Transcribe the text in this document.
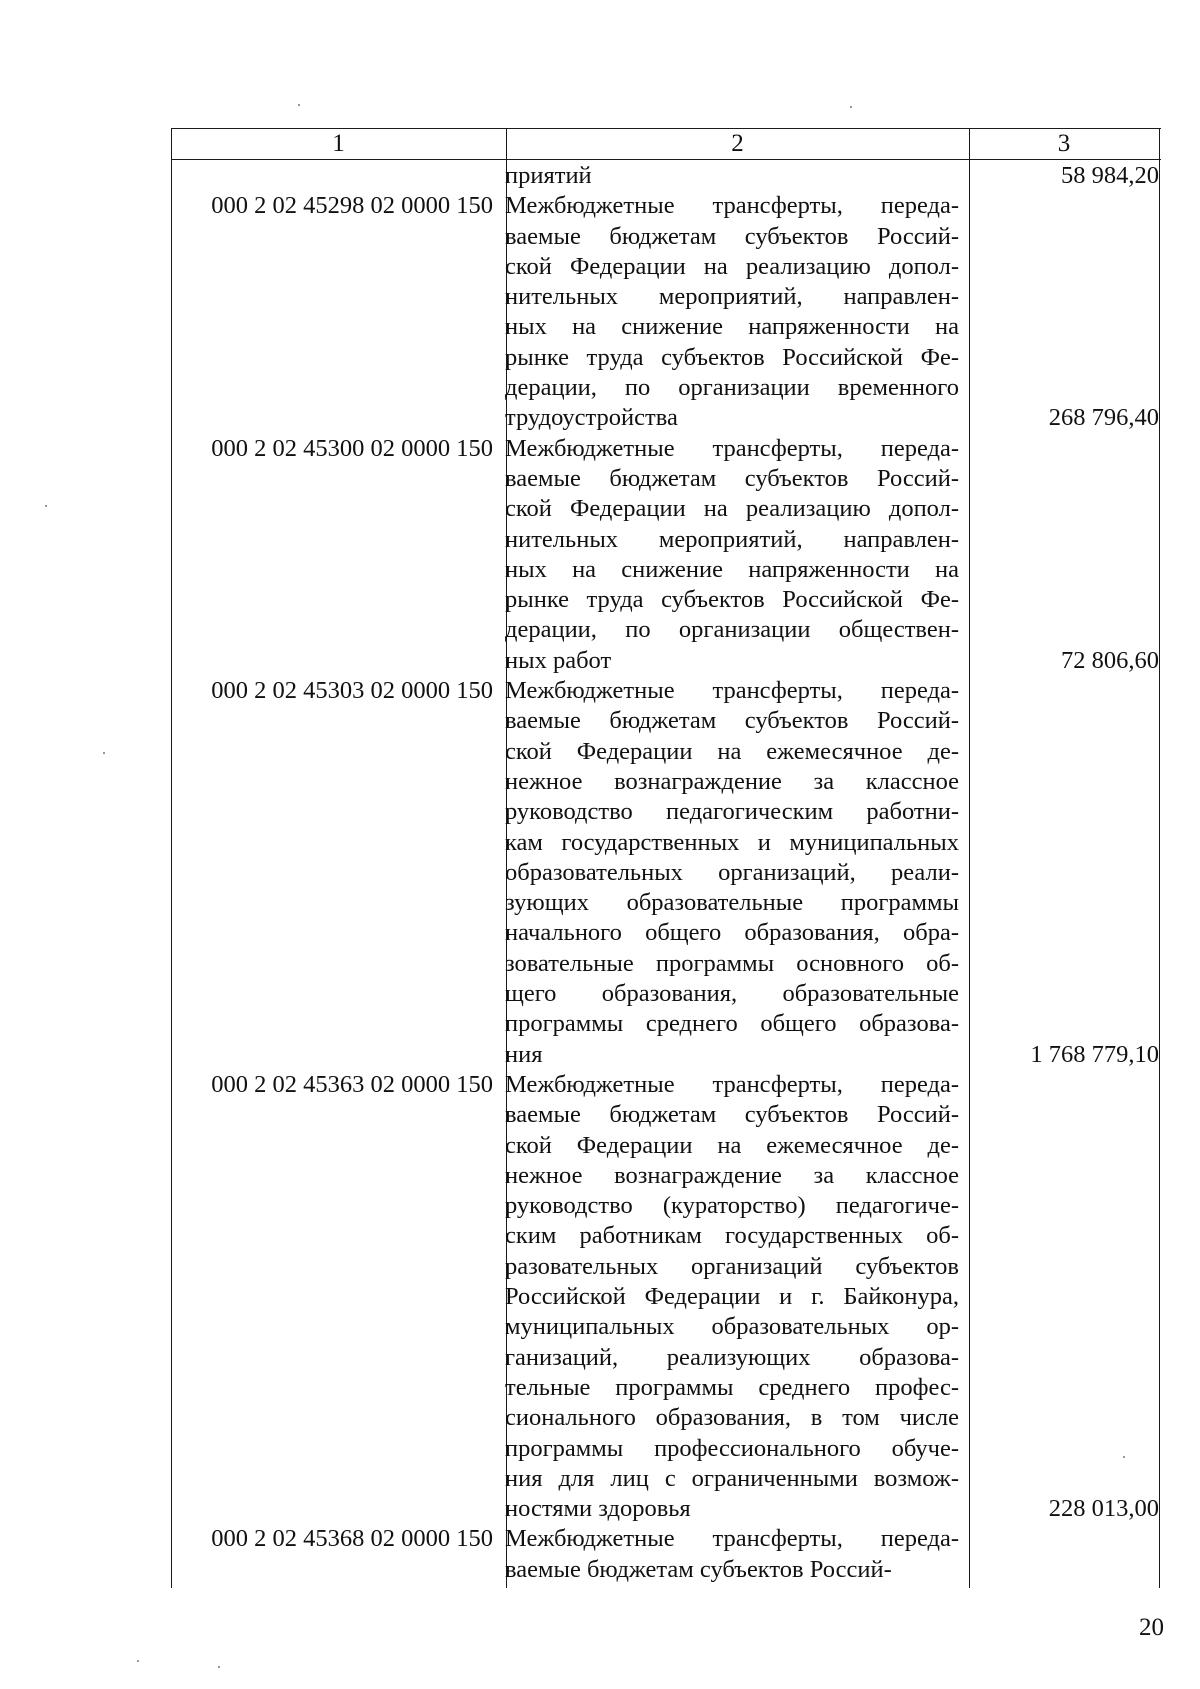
1	2	3
приятий	58 984,20
000 2 02 45298 02 0000 150 Межбюджетные трансферты, переда-
ваемые бюджетам субъектов Россий-
ской Федерации на реализацию допол-
нительных мероприятий, направлен-
ных на снижение напряженности на
рынке труда субъектов Российской Фе-
дерации, по организации временного
трудоустройства	268 796,40
000 2 02 45300 02 0000 150 Межбюджетные трансферты, переда-
ваемые бюджетам субъектов Россий-
ской Федерации на реализацию допол-
нительных мероприятий, направлен-
ных на снижение напряженности на
рынке труда субъектов Российской Фе-
дерации, по организации обществен-
ных работ	72 806,60
000 2 02 45303 02 0000 150 Межбюджетные трансферты, переда-
ваемые бюджетам субъектов Россий-
ской Федерации на ежемесячное де-
нежное вознаграждение за классное
руководство педагогическим работни-
кам государственных и муниципальных
образовательных организаций, реали-
зующих образовательные программы
начального общего образования, обра-
зовательные программы основного об-
щего образования, образовательные
программы среднего общего образова-
ния	1 768 779,10
000 2 02 45363 02 0000 150 Межбюджетные трансферты, переда-
ваемые бюджетам субъектов Россий-
ской Федерации на ежемесячное де-
нежное вознаграждение за классное
руководство (кураторство) педагогиче-
ским работникам государственных об-
разовательных организаций субъектов
Российской Федерации и г. Байконура,
муниципальных образовательных ор-
ганизаций, реализующих образова-
тельные программы среднего профес-
сионального образования, в том числе
программы профессионального обуче-
ния для лиц с ограниченными возмож-
ностями здоровья	228 013,00
000 2 02 45368 02 0000 150 Межбюджетные трансферты, переда-
ваемые бюджетам субъектов Россий-
20
